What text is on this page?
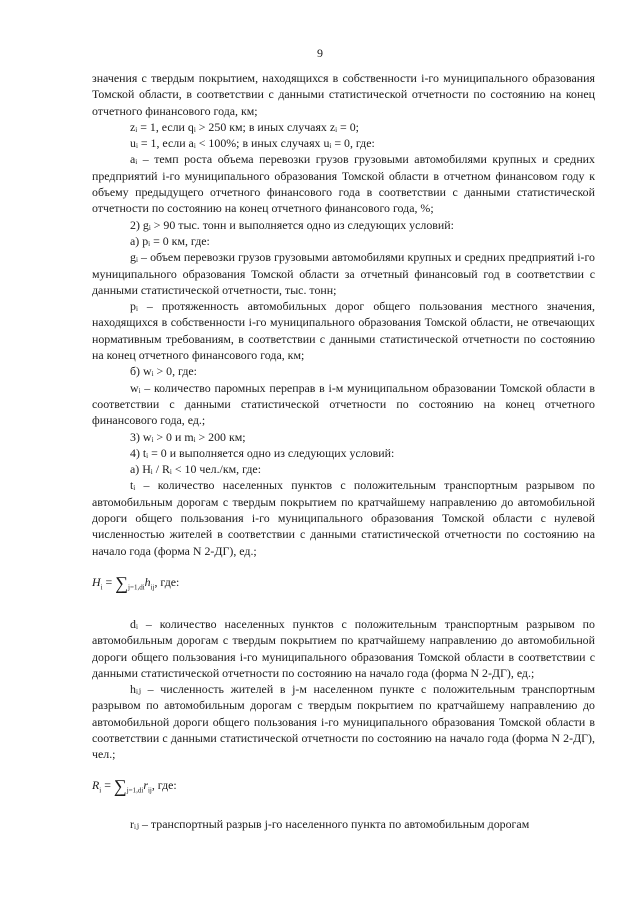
9

значения с твердым покрытием, находящихся в собственности i-го муниципального образования Томской области, в соответствии с данными статистической отчетности по состоянию на конец отчетного финансового года, км;

zᵢ = 1, если qᵢ > 250 км; в иных случаях zᵢ = 0;

uᵢ = 1, если aᵢ < 100%; в иных случаях uᵢ = 0, где:

aᵢ – темп роста объема перевозки грузов грузовыми автомобилями крупных и средних предприятий i-го муниципального образования Томской области в отчетном финансовом году к объему предыдущего отчетного финансового года в соответствии с данными статистической отчетности по состоянию на конец отчетного финансового года, %;

2) gᵢ > 90 тыс. тонн и выполняется одно из следующих условий:

а) pᵢ = 0 км, где:

gᵢ – объем перевозки грузов грузовыми автомобилями крупных и средних предприятий i-го муниципального образования Томской области за отчетный финансовый год в соответствии с данными статистической отчетности, тыс. тонн;

pᵢ – протяженность автомобильных дорог общего пользования местного значения, находящихся в собственности i-го муниципального образования Томской области, не отвечающих нормативным требованиям, в соответствии с данными статистической отчетности по состоянию на конец отчетного финансового года, км;

б) wᵢ > 0, где:

wᵢ – количество паромных переправ в i-м муниципальном образовании Томской области в соответствии с данными статистической отчетности по состоянию на конец отчетного финансового года, ед.;

3) wᵢ > 0 и mᵢ > 200 км;

4) tᵢ = 0 и выполняется одно из следующих условий:

а) Hᵢ / Rᵢ < 10 чел./км, где:

tᵢ – количество населенных пунктов с положительным транспортным разрывом по автомобильным дорогам с твердым покрытием по кратчайшему направлению до автомобильной дороги общего пользования i-го муниципального образования Томской области с нулевой численностью жителей в соответствии с данными статистической отчетности по состоянию на начало года (форма N 2-ДГ), ед.;

$H_i = \sum_{j=1,di}h_{ij}$, где:

dᵢ – количество населенных пунктов с положительным транспортным разрывом по автомобильным дорогам с твердым покрытием по кратчайшему направлению до автомобильной дороги общего пользования i-го муниципального образования Томской области в соответствии с данными статистической отчетности по состоянию на начало года (форма N 2-ДГ), ед.;

hᵢⱼ – численность жителей в j-м населенном пункте с положительным транспортным разрывом по автомобильным дорогам с твердым покрытием по кратчайшему направлению до автомобильной дороги общего пользования i-го муниципального образования Томской области в соответствии с данными статистической отчетности по состоянию на начало года (форма N 2-ДГ), чел.;

$R_i = \sum_{j=1,di}r_{ij}$, где:

rᵢⱼ – транспортный разрыв j-го населенного пункта по автомобильным дорогам
